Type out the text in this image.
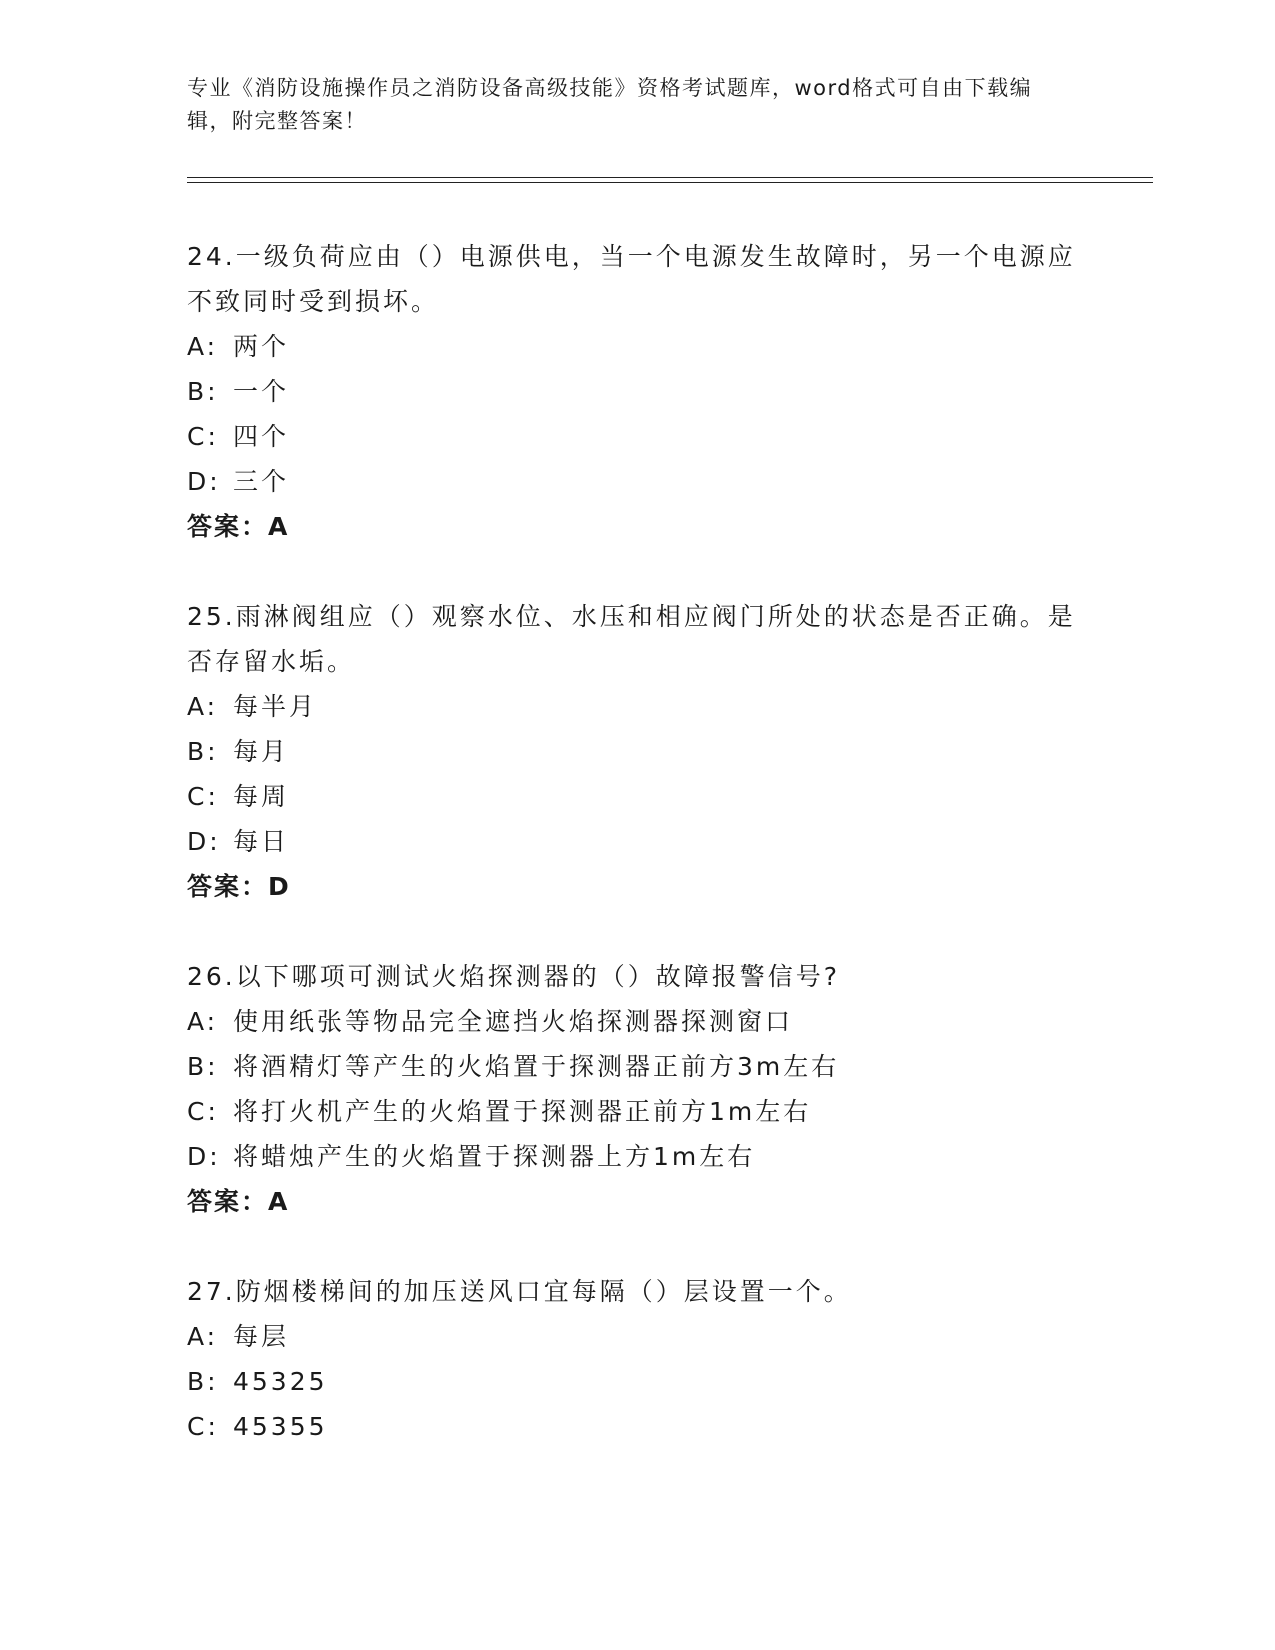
专业《消防设施操作员之消防设备高级技能》资格考试题库，word格式可自由下载编辑，附完整答案！

24.一级负荷应由（）电源供电，当一个电源发生故障时，另一个电源应不致同时受到损坏。

A: 两个
B: 一个
C: 四个
D: 三个
答案：A

25.雨淋阀组应（）观察水位、水压和相应阀门所处的状态是否正确。是否存留水垢。

A: 每半月
B: 每月
C: 每周
D: 每日
答案：D

26.以下哪项可测试火焰探测器的（）故障报警信号?

A: 使用纸张等物品完全遮挡火焰探测器探测窗口
B: 将酒精灯等产生的火焰置于探测器正前方3m左右
C: 将打火机产生的火焰置于探测器正前方1m左右
D: 将蜡烛产生的火焰置于探测器上方1m左右
答案：A

27.防烟楼梯间的加压送风口宜每隔（）层设置一个。

A: 每层
B: 45325
C: 45355
